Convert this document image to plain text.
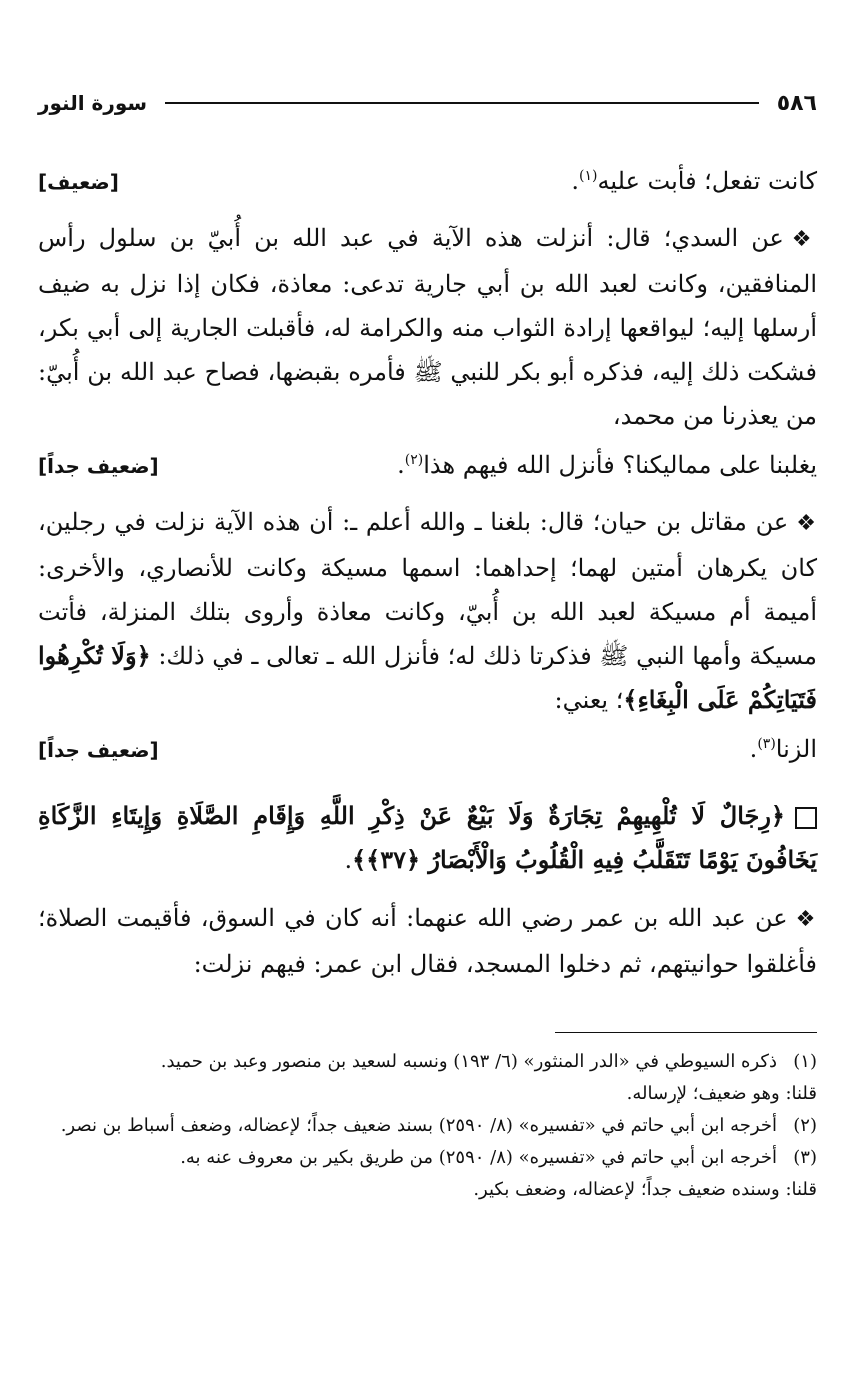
٥٨٦
سورة النور
كانت تفعل؛ فأبت عليه$^{(١)}$.
[ضعيف]
❖عن السدي؛ قال: أنزلت هذه الآية في عبد الله بن أُبيّ بن سلول رأس المنافقين، وكانت لعبد الله بن أبي جارية تدعى: معاذة، فكان إذا نزل به ضيف أرسلها إليه؛ ليواقعها إرادة الثواب منه والكرامة له، فأقبلت الجارية إلى أبي بكر، فشكت ذلك إليه، فذكره أبو بكر للنبي ﷺ فأمره بقبضها، فصاح عبد الله بن أُبيّ: من يعذرنا من محمد،
يغلبنا على مماليكنا؟ فأنزل الله فيهم هذا$^{(٢)}$.
[ضعيف جداً]
❖عن مقاتل بن حيان؛ قال: بلغنا ـ والله أعلم ـ: أن هذه الآية نزلت في رجلين، كان يكرهان أمتين لهما؛ إحداهما: اسمها مسيكة وكانت للأنصاري، والأخرى: أميمة أم مسيكة لعبد الله بن أُبيّ، وكانت معاذة وأروى بتلك المنزلة، فأتت مسيكة وأمها النبي ﷺ فذكرتا ذلك له؛ فأنزل الله ـ تعالى ـ في ذلك: ﴿وَلَا تُكْرِهُوا فَتَيَاتِكُمْ عَلَى الْبِغَاءِ﴾؛ يعني:
الزنا$^{(٣)}$.
[ضعيف جداً]
﴿رِجَالٌ لَا تُلْهِيهِمْ تِجَارَةٌ وَلَا بَيْعٌ عَنْ ذِكْرِ اللَّهِ وَإِقَامِ الصَّلَاةِ وَإِيتَاءِ الزَّكَاةِ يَخَافُونَ يَوْمًا تَتَقَلَّبُ فِيهِ الْقُلُوبُ وَالْأَبْصَارُ ﴿٣٧﴾﴾.
❖عن عبد الله بن عمر رضي الله عنهما: أنه كان في السوق، فأقيمت الصلاة؛ فأغلقوا حوانيتهم، ثم دخلوا المسجد، فقال ابن عمر: فيهم نزلت:
(١)
ذكره السيوطي في «الدر المنثور» (٦/ ١٩٣) ونسبه لسعيد بن منصور وعبد بن حميد.
قلنا: وهو ضعيف؛ لإرساله.
(٢)
أخرجه ابن أبي حاتم في «تفسيره» (٨/ ٢٥٩٠) بسند ضعيف جداً؛ لإعضاله، وضعف أسباط بن نصر.
(٣)
أخرجه ابن أبي حاتم في «تفسيره» (٨/ ٢٥٩٠) من طريق بكير بن معروف عنه به.
قلنا: وسنده ضعيف جداً؛ لإعضاله، وضعف بكير.
